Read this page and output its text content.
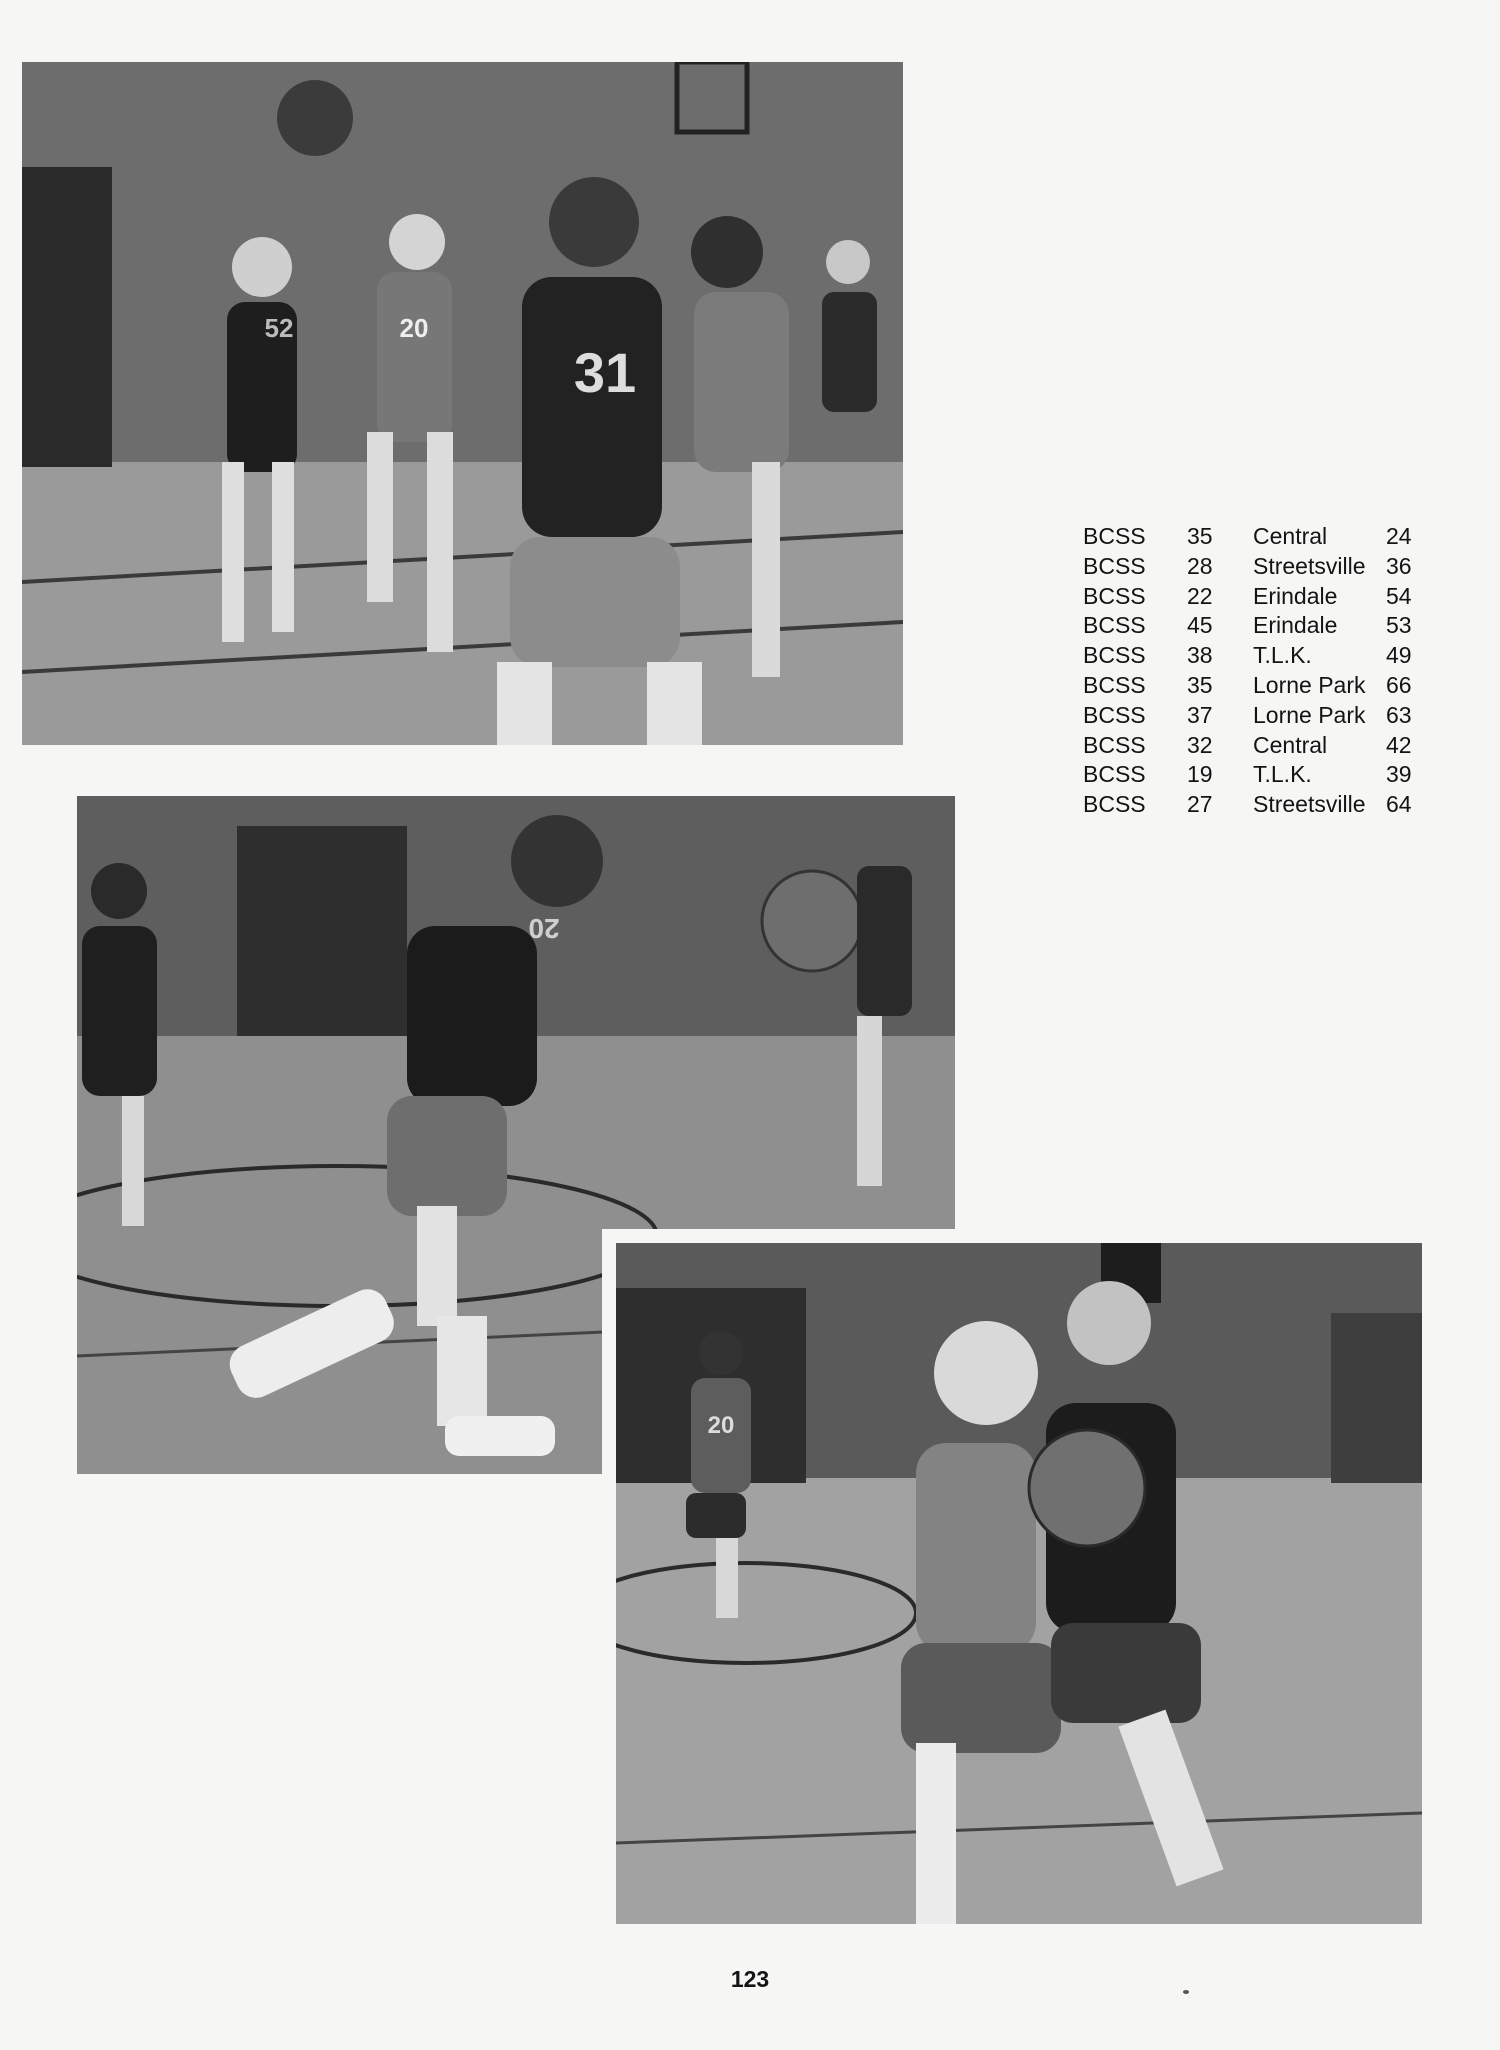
52	20
31
20
20
BCSS	35	Central	24
BCSS	28	Streetsville	36
BCSS	22	Erindale	54
BCSS	45	Erindale	53
BCSS	38	T.L.K.	49
BCSS	35	Lorne Park	66
BCSS	37	Lorne Park	63
BCSS	32	Central	42
BCSS	19	T.L.K.	39
BCSS	27	Streetsville	64
123
